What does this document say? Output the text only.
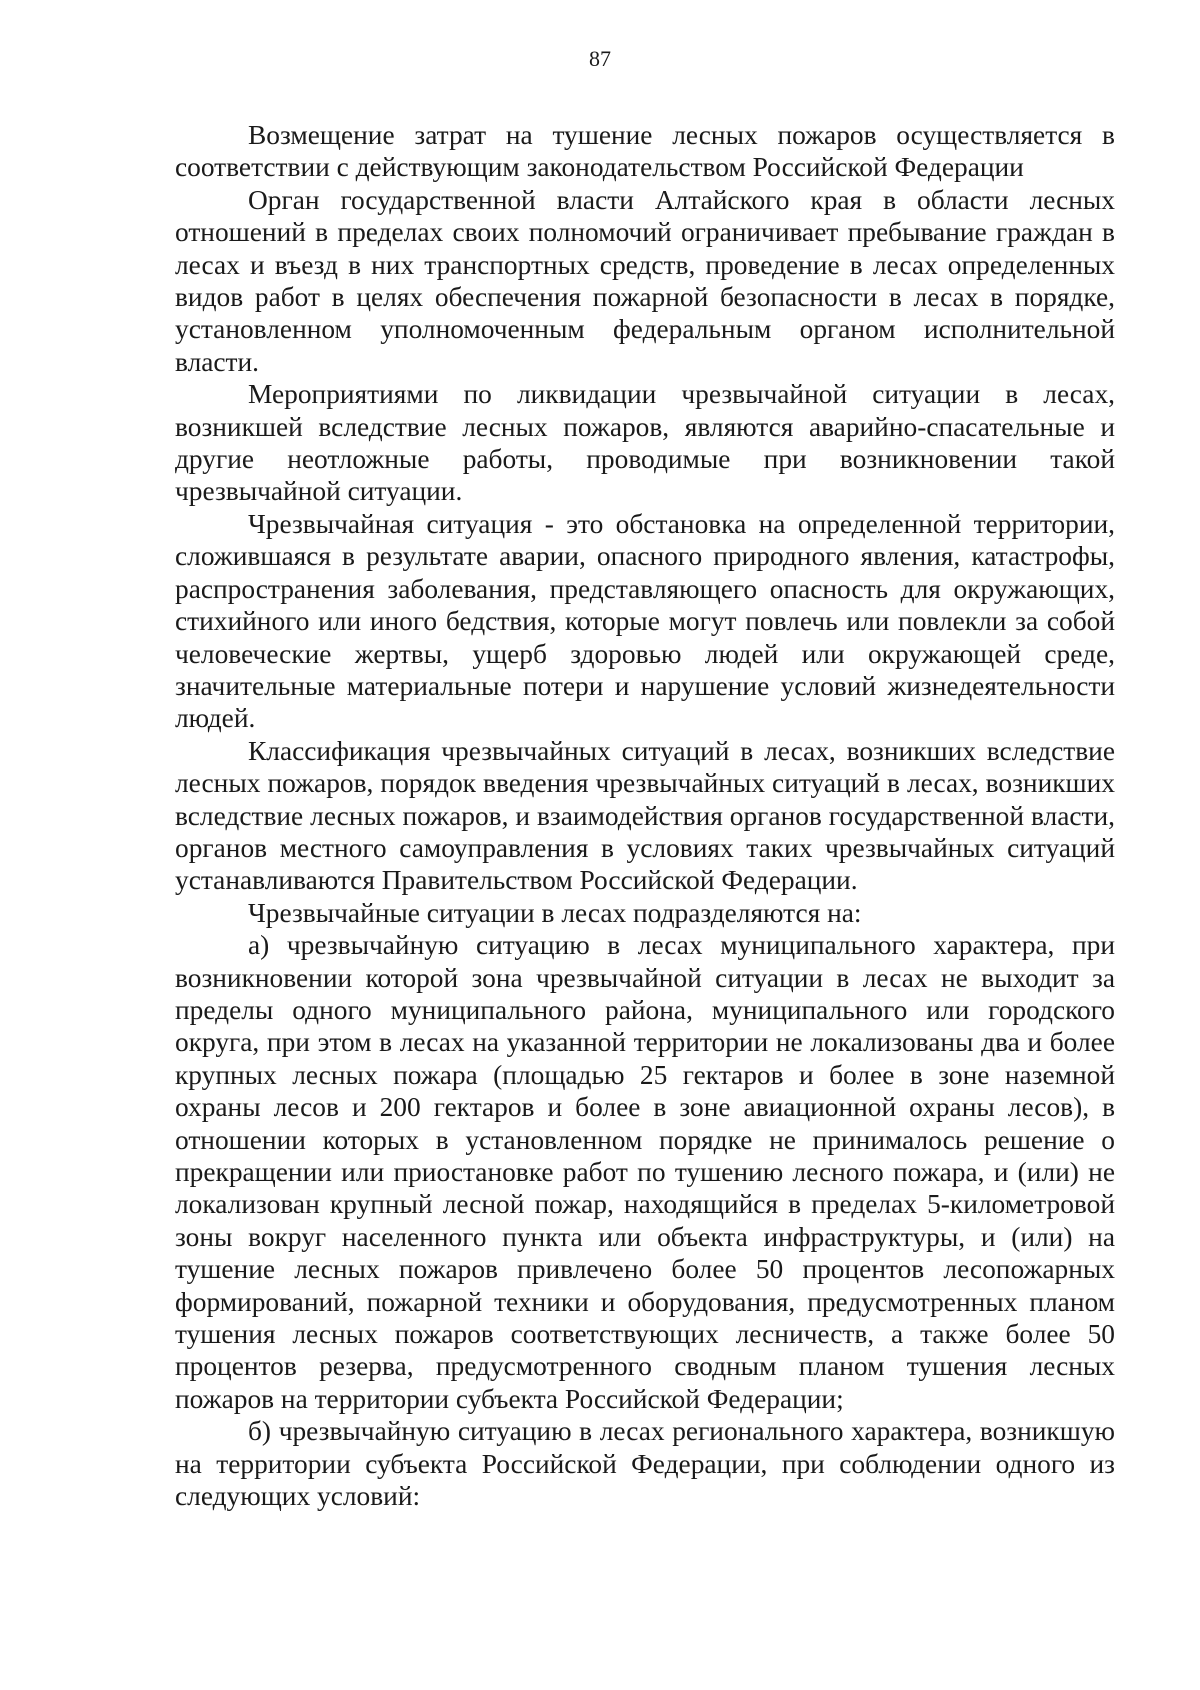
87

Возмещение затрат на тушение лесных пожаров осуществляется в соответствии с действующим законодательством Российской Федерации

Орган государственной власти Алтайского края в области лесных отношений в пределах своих полномочий ограничивает пребывание граждан в лесах и въезд в них транспортных средств, проведение в лесах определенных видов работ в целях обеспечения пожарной безопасности в лесах в порядке, установленном уполномоченным федеральным органом исполнительной власти.

Мероприятиями по ликвидации чрезвычайной ситуации в лесах, возникшей вследствие лесных пожаров, являются аварийно-спасательные и другие неотложные работы, проводимые при возникновении такой чрезвычайной ситуации.

Чрезвычайная ситуация - это обстановка на определенной территории, сложившаяся в результате аварии, опасного природного явления, катастрофы, распространения заболевания, представляющего опасность для окружающих, стихийного или иного бедствия, которые могут повлечь или повлекли за собой человеческие жертвы, ущерб здоровью людей или окружающей среде, значительные материальные потери и нарушение условий жизнедеятельности людей.

Классификация чрезвычайных ситуаций в лесах, возникших вследствие лесных пожаров, порядок введения чрезвычайных ситуаций в лесах, возникших вследствие лесных пожаров, и взаимодействия органов государственной власти, органов местного самоуправления в условиях таких чрезвычайных ситуаций устанавливаются Правительством Российской Федерации.

Чрезвычайные ситуации в лесах подразделяются на:

а) чрезвычайную ситуацию в лесах муниципального характера, при возникновении которой зона чрезвычайной ситуации в лесах не выходит за пределы одного муниципального района, муниципального или городского округа, при этом в лесах на указанной территории не локализованы два и более крупных лесных пожара (площадью 25 гектаров и более в зоне наземной охраны лесов и 200 гектаров и более в зоне авиационной охраны лесов), в отношении которых в установленном порядке не принималось решение о прекращении или приостановке работ по тушению лесного пожара, и (или) не локализован крупный лесной пожар, находящийся в пределах 5-километровой зоны вокруг населенного пункта или объекта инфраструктуры, и (или) на тушение лесных пожаров привлечено более 50 процентов лесопожарных формирований, пожарной техники и оборудования, предусмотренных планом тушения лесных пожаров соответствующих лесничеств, а также более 50 процентов резерва, предусмотренного сводным планом тушения лесных пожаров на территории субъекта Российской Федерации;

б) чрезвычайную ситуацию в лесах регионального характера, возникшую на территории субъекта Российской Федерации, при соблюдении одного из следующих условий:
